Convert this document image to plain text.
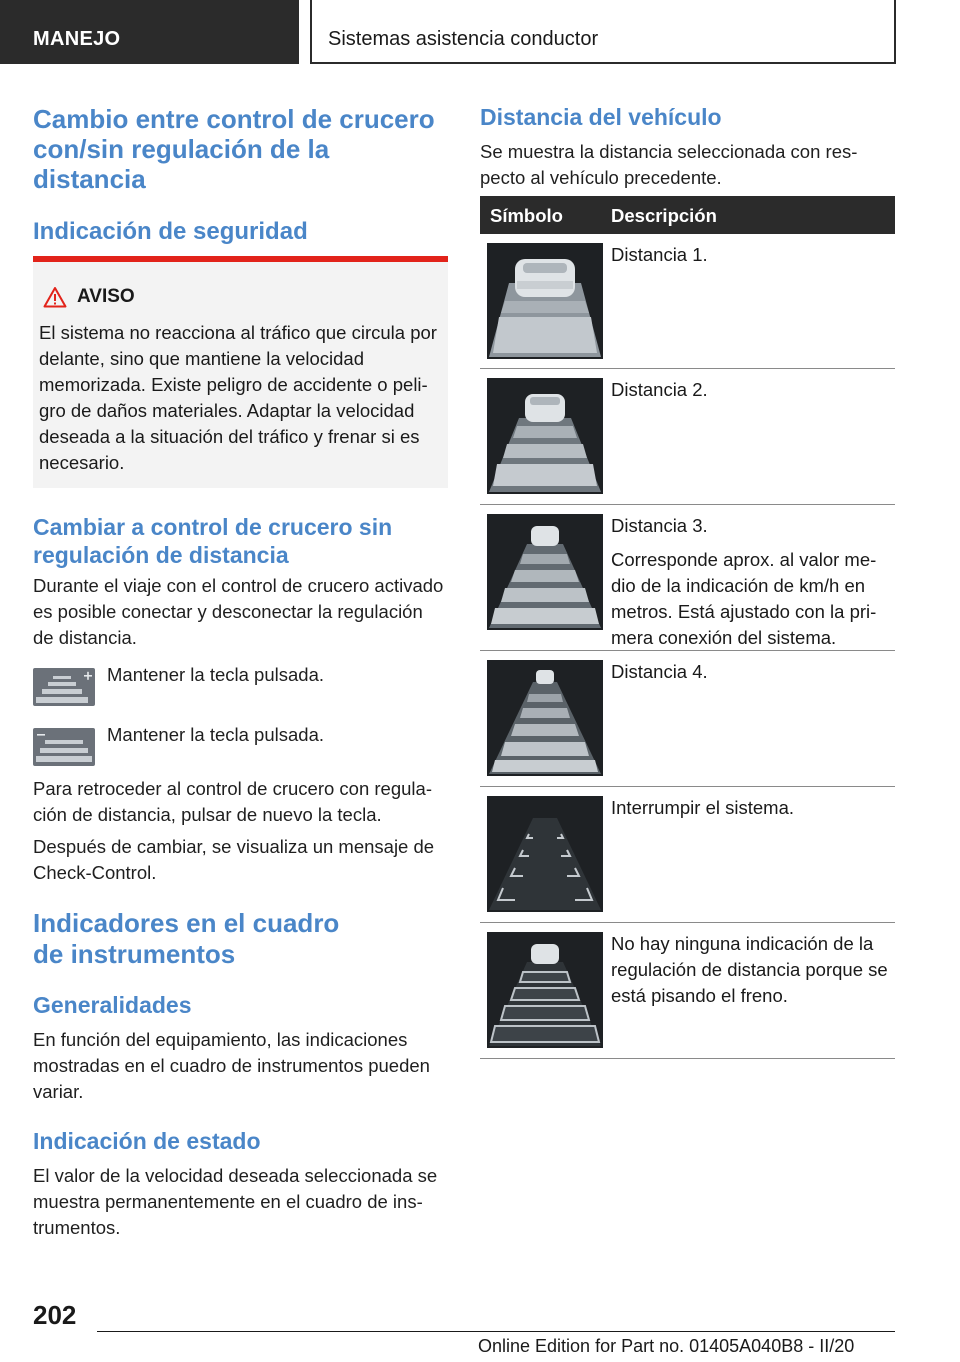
MANEJO	Sistemas asistencia conductor
Cambio entre control de crucero con/sin regulación de la distancia
Indicación de seguridad
AVISO
El sistema no reacciona al tráfico que circula por delante, sino que mantiene la velocidad memorizada. Existe peligro de accidente o peligro de daños materiales. Adaptar la velocidad deseada a la situación del tráfico y frenar si es necesario.
Cambiar a control de crucero sin regulación de distancia

Durante el viaje con el control de crucero activado es posible conectar y desconectar la regulación de distancia.

Mantener la tecla pulsada.

Mantener la tecla pulsada.

Para retroceder al control de crucero con regulación de distancia, pulsar de nuevo la tecla.

Después de cambiar, se visualiza un mensaje de Check-Control.

Indicadores en el cuadro de instrumentos
Generalidades

En función del equipamiento, las indicaciones mostradas en el cuadro de instrumentos pueden variar.

Indicación de estado

El valor de la velocidad deseada seleccionada se muestra permanentemente en el cuadro de instrumentos.

Distancia del vehículo

Se muestra la distancia seleccionada con respecto al vehículo precedente.

Símbolo	Descripción
Distancia 1.
Distancia 2.
Distancia 3.
Corresponde aprox. al valor medio de la indicación de km/h en metros. Está ajustado con la primera conexión del sistema.
Distancia 4.
Interrumpir el sistema.
No hay ninguna indicación de la regulación de distancia porque se está pisando el freno.
202
Online Edition for Part no. 01405A040B8 - II/20
